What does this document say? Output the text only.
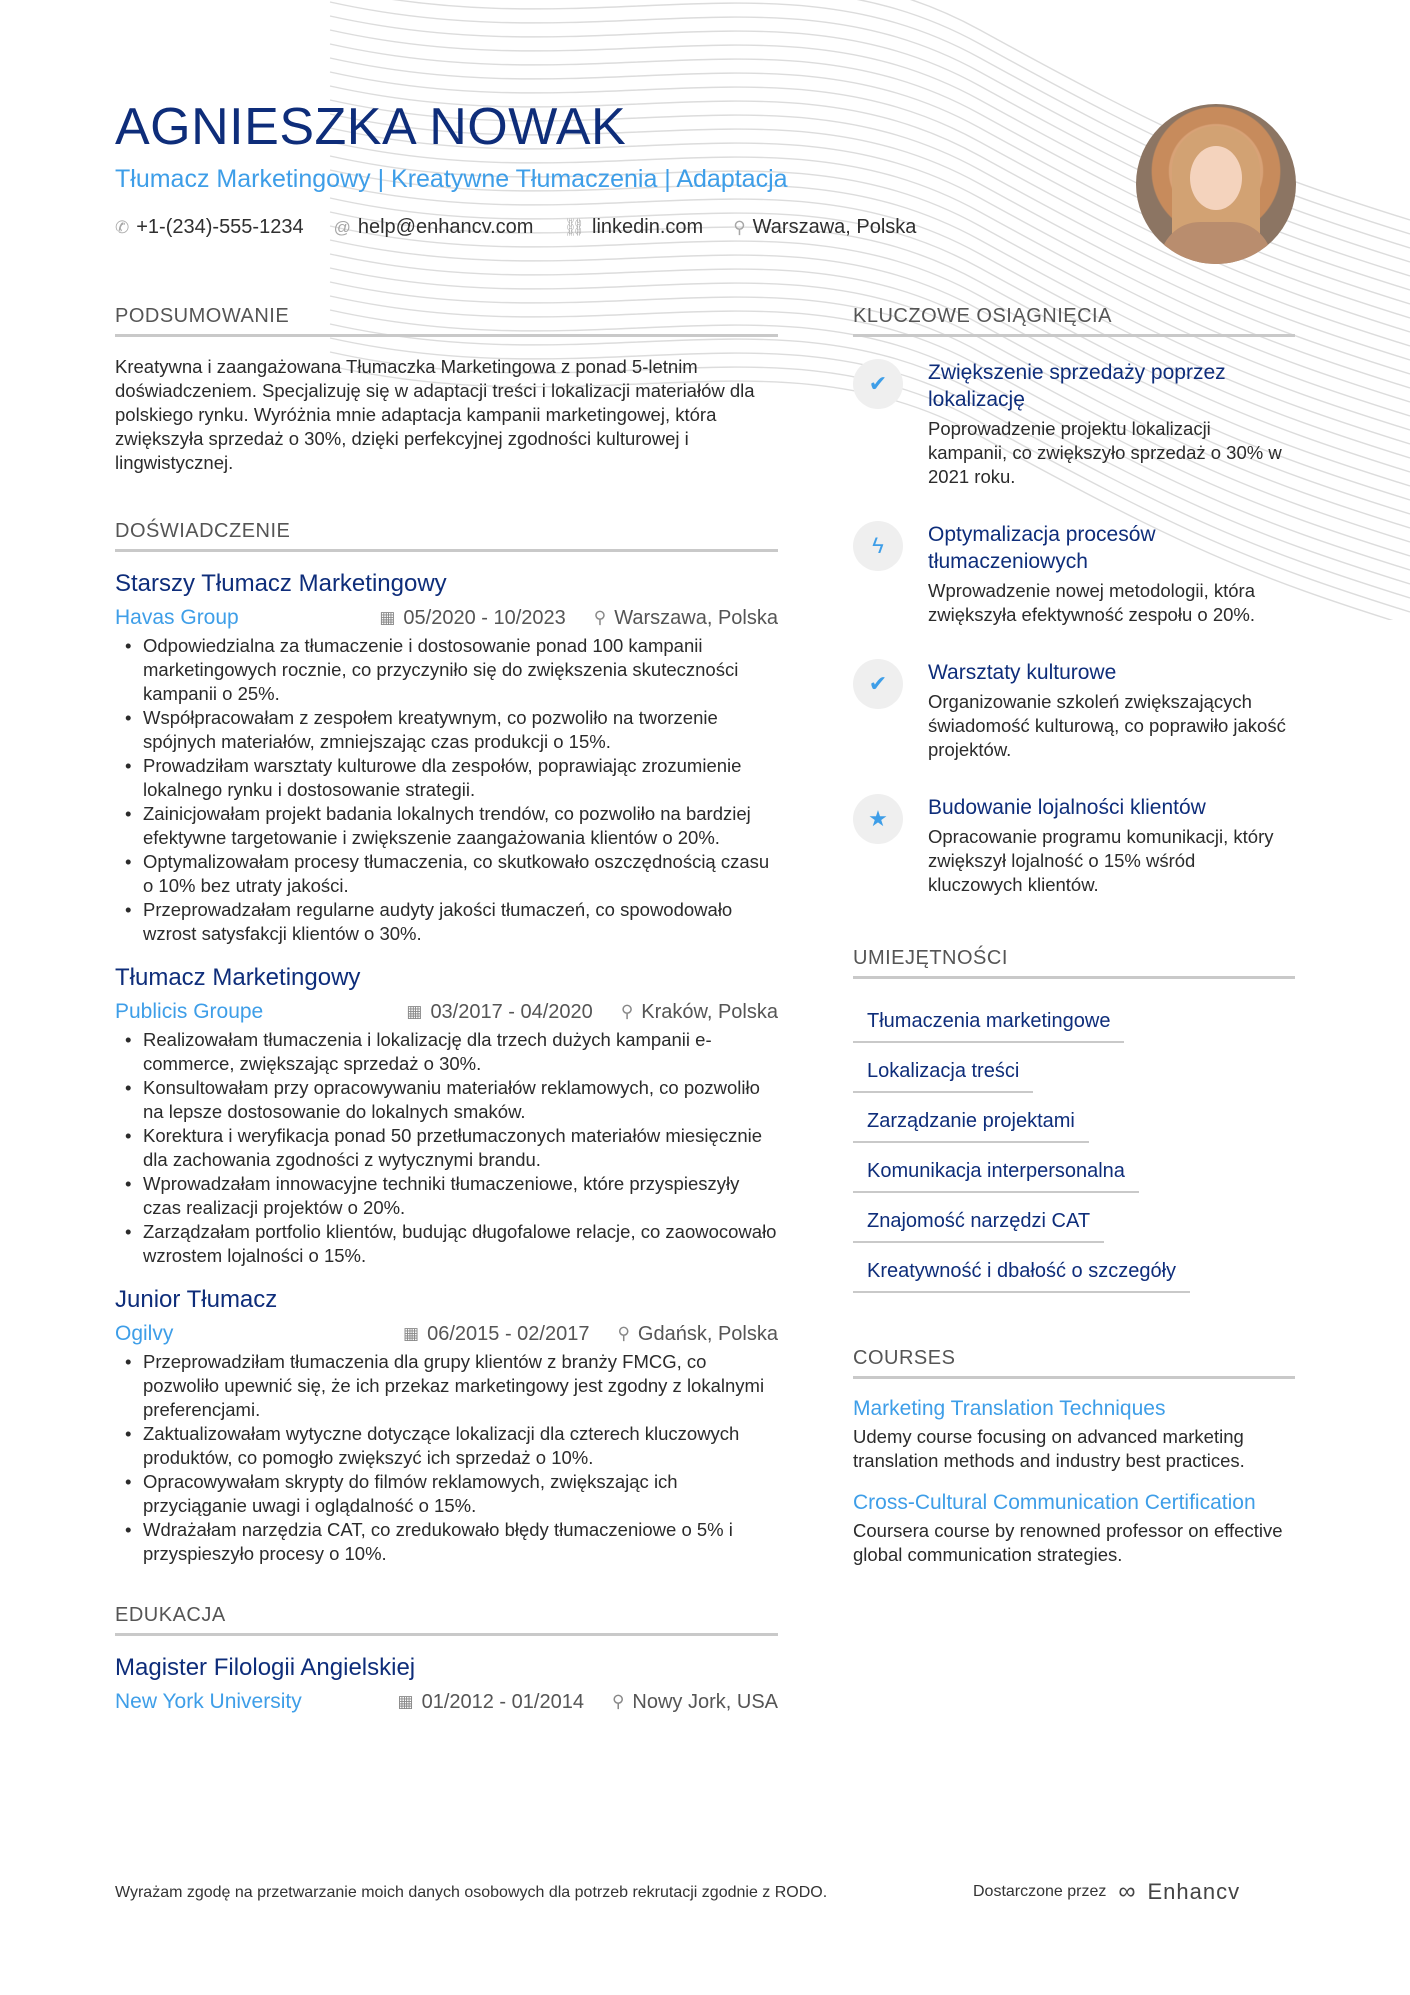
AGNIESZKA NOWAK
Tłumacz Marketingowy | Kreatywne Tłumaczenia | Adaptacja
✆ +1-(234)-555-1234 @ help@enhancv.com ⛓ linkedin.com ⚲ Warszawa, Polska
PODSUMOWANIE

Kreatywna i zaangażowana Tłumaczka Marketingowa z ponad 5-letnim doświadczeniem. Specjalizuję się w adaptacji treści i lokalizacji materiałów dla polskiego rynku. Wyróżnia mnie adaptacja kampanii marketingowej, która zwiększyła sprzedaż o 30%, dzięki perfekcyjnej zgodności kulturowej i lingwistycznej.

DOŚWIADCZENIE
Starszy Tłumacz Marketingowy
Havas Group	▦ 05/2020 - 10/2023 ⚲ Warszawa, Polska
• Odpowiedzialna za tłumaczenie i dostosowanie ponad 100 kampanii marketingowych rocznie, co przyczyniło się do zwiększenia skuteczności kampanii o 25%.
• Współpracowałam z zespołem kreatywnym, co pozwoliło na tworzenie spójnych materiałów, zmniejszając czas produkcji o 15%.
• Prowadziłam warsztaty kulturowe dla zespołów, poprawiając zrozumienie lokalnego rynku i dostosowanie strategii.
• Zainicjowałam projekt badania lokalnych trendów, co pozwoliło na bardziej efektywne targetowanie i zwiększenie zaangażowania klientów o 20%.
• Optymalizowałam procesy tłumaczenia, co skutkowało oszczędnością czasu o 10% bez utraty jakości.
• Przeprowadzałam regularne audyty jakości tłumaczeń, co spowodowało wzrost satysfakcji klientów o 30%.
Tłumacz Marketingowy
Publicis Groupe	▦ 03/2017 - 04/2020 ⚲ Kraków, Polska
• Realizowałam tłumaczenia i lokalizację dla trzech dużych kampanii e-commerce, zwiększając sprzedaż o 30%.
• Konsultowałam przy opracowywaniu materiałów reklamowych, co pozwoliło na lepsze dostosowanie do lokalnych smaków.
• Korektura i weryfikacja ponad 50 przetłumaczonych materiałów miesięcznie dla zachowania zgodności z wytycznymi brandu.
• Wprowadzałam innowacyjne techniki tłumaczeniowe, które przyspieszyły czas realizacji projektów o 20%.
• Zarządzałam portfolio klientów, budując długofalowe relacje, co zaowocowało wzrostem lojalności o 15%.
Junior Tłumacz
Ogilvy	▦ 06/2015 - 02/2017 ⚲ Gdańsk, Polska
• Przeprowadziłam tłumaczenia dla grupy klientów z branży FMCG, co pozwoliło upewnić się, że ich przekaz marketingowy jest zgodny z lokalnymi preferencjami.
• Zaktualizowałam wytyczne dotyczące lokalizacji dla czterech kluczowych produktów, co pomogło zwiększyć ich sprzedaż o 10%.
• Opracowywałam skrypty do filmów reklamowych, zwiększając ich przyciąganie uwagi i oglądalność o 15%.
• Wdrażałam narzędzia CAT, co zredukowało błędy tłumaczeniowe o 5% i przyspieszyło procesy o 10%.
EDUKACJA
Magister Filologii Angielskiej
New York University	▦ 01/2012 - 01/2014 ⚲ Nowy Jork, USA
KLUCZOWE OSIĄGNIĘCIA
✔	Zwiększenie sprzedaży poprzez lokalizację
Poprowadzenie projektu lokalizacji kampanii, co zwiększyło sprzedaż o 30% w 2021 roku.
ϟ	Optymalizacja procesów tłumaczeniowych
Wprowadzenie nowej metodologii, która zwiększyła efektywność zespołu o 20%.
✔	Warsztaty kulturowe
Organizowanie szkoleń zwiększających świadomość kulturową, co poprawiło jakość projektów.
★	Budowanie lojalności klientów
Opracowanie programu komunikacji, który zwiększył lojalność o 15% wśród kluczowych klientów.
UMIEJĘTNOŚCI
Tłumaczenia marketingowe
Lokalizacja treści
Zarządzanie projektami
Komunikacja interpersonalna
Znajomość narzędzi CAT
Kreatywność i dbałość o szczegóły
COURSES
Marketing Translation Techniques
Udemy course focusing on advanced marketing translation methods and industry best practices.
Cross-Cultural Communication Certification
Coursera course by renowned professor on effective global communication strategies.
Wyrażam zgodę na przetwarzanie moich danych osobowych dla potrzeb rekrutacji zgodnie z RODO.	Dostarczone przez ∞ Enhancv
